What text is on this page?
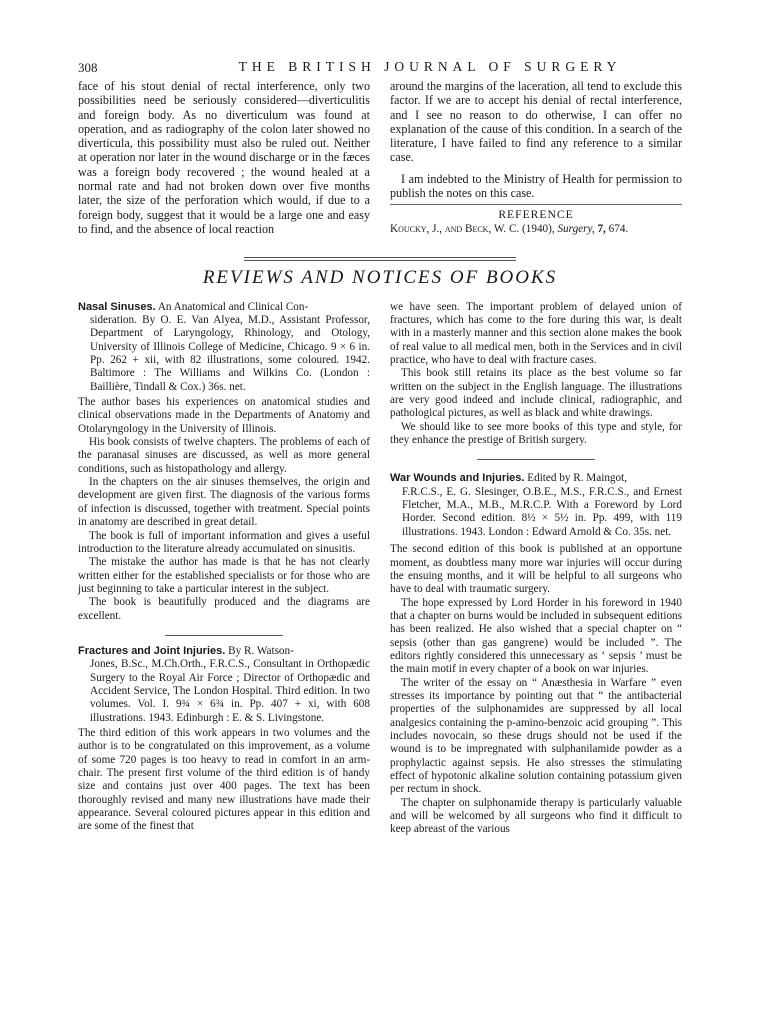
308	THE BRITISH JOURNAL OF SURGERY

face of his stout denial of rectal interference, only two possibilities need be seriously considered—diverticulitis and foreign body. As no diverticulum was found at operation, and as radiography of the colon later showed no diverticula, this possibility must also be ruled out. Neither at operation nor later in the wound discharge or in the fæces was a foreign body recovered ; the wound healed at a normal rate and had not broken down over five months later, the size of the perforation which would, if due to a foreign body, suggest that it would be a large one and easy to find, and the absence of local reaction

around the margins of the laceration, all tend to exclude this factor. If we are to accept his denial of rectal interference, and I see no reason to do otherwise, I can offer no explanation of the cause of this condition. In a search of the literature, I have failed to find any reference to a similar case.

I am indebted to the Ministry of Health for permission to publish the notes on this case.

REFERENCE

Koucky, J., and Beck, W. C. (1940), Surgery, 7, 674.

REVIEWS AND NOTICES OF BOOKS
Nasal Sinuses. An Anatomical and Clinical Con-
sideration. By O. E. Van Alyea, M.D., Assistant Professor, Department of Laryngology, Rhinology, and Otology, University of Illinois College of Medicine, Chicago. 9 × 6 in. Pp. 262 + xii, with 82 illustrations, some coloured. 1942. Baltimore : The Williams and Wilkins Co. (London : Baillière, Tindall & Cox.) 36s. net.

The author bases his experiences on anatomical studies and clinical observations made in the Departments of Anatomy and Otolaryngology in the University of Illinois.

His book consists of twelve chapters. The problems of each of the paranasal sinuses are discussed, as well as more general conditions, such as histopathology and allergy.

In the chapters on the air sinuses themselves, the origin and development are given first. The diagnosis of the various forms of infection is discussed, together with treatment. Special points in anatomy are described in great detail.

The book is full of important information and gives a useful introduction to the literature already accumulated on sinusitis.

The mistake the author has made is that he has not clearly written either for the established specialists or for those who are just beginning to take a particular interest in the subject.

The book is beautifully produced and the diagrams are excellent.

Fractures and Joint Injuries. By R. Watson-
Jones, B.Sc., M.Ch.Orth., F.R.C.S., Consultant in Orthopædic Surgery to the Royal Air Force ; Director of Orthopædic and Accident Service, The London Hospital. Third edition. In two volumes. Vol. I. 9¾ × 6¾ in. Pp. 407 + xi, with 608 illustrations. 1943. Edinburgh : E. & S. Livingstone.

The third edition of this work appears in two volumes and the author is to be congratulated on this improvement, as a volume of some 720 pages is too heavy to read in comfort in an arm-chair. The present first volume of the third edition is of handy size and contains just over 400 pages. The text has been thoroughly revised and many new illustrations have made their appearance. Several coloured pictures appear in this edition and are some of the finest that

we have seen. The important problem of delayed union of fractures, which has come to the fore during this war, is dealt with in a masterly manner and this section alone makes the book of real value to all medical men, both in the Services and in civil practice, who have to deal with fracture cases.

This book still retains its place as the best volume so far written on the subject in the English language. The illustrations are very good indeed and include clinical, radiographic, and pathological pictures, as well as black and white drawings.

We should like to see more books of this type and style, for they enhance the prestige of British surgery.

War Wounds and Injuries. Edited by R. Maingot,
F.R.C.S., E. G. Slesinger, O.B.E., M.S., F.R.C.S., and Ernest Fletcher, M.A., M.B., M.R.C.P. With a Foreword by Lord Horder. Second edition. 8½ × 5½ in. Pp. 499, with 119 illustrations. 1943. London : Edward Arnold & Co. 35s. net.

The second edition of this book is published at an opportune moment, as doubtless many more war injuries will occur during the ensuing months, and it will be helpful to all surgeons who have to deal with traumatic surgery.

The hope expressed by Lord Horder in his foreword in 1940 that a chapter on burns would be included in subsequent editions has been realized. He also wished that a special chapter on “ sepsis (other than gas gangrene) would be included ”. The editors rightly considered this unnecessary as ‘ sepsis ’ must be the main motif in every chapter of a book on war injuries.

The writer of the essay on “ Anæsthesia in Warfare ” even stresses its importance by pointing out that “ the antibacterial properties of the sulphonamides are suppressed by all local analgesics containing the p-amino-benzoic acid grouping ”. This includes novocain, so these drugs should not be used if the wound is to be impregnated with sulphanilamide powder as a prophylactic against sepsis. He also stresses the stimulating effect of hypotonic alkaline solution containing potassium given per rectum in shock.

The chapter on sulphonamide therapy is particularly valuable and will be welcomed by all surgeons who find it difficult to keep abreast of the various
